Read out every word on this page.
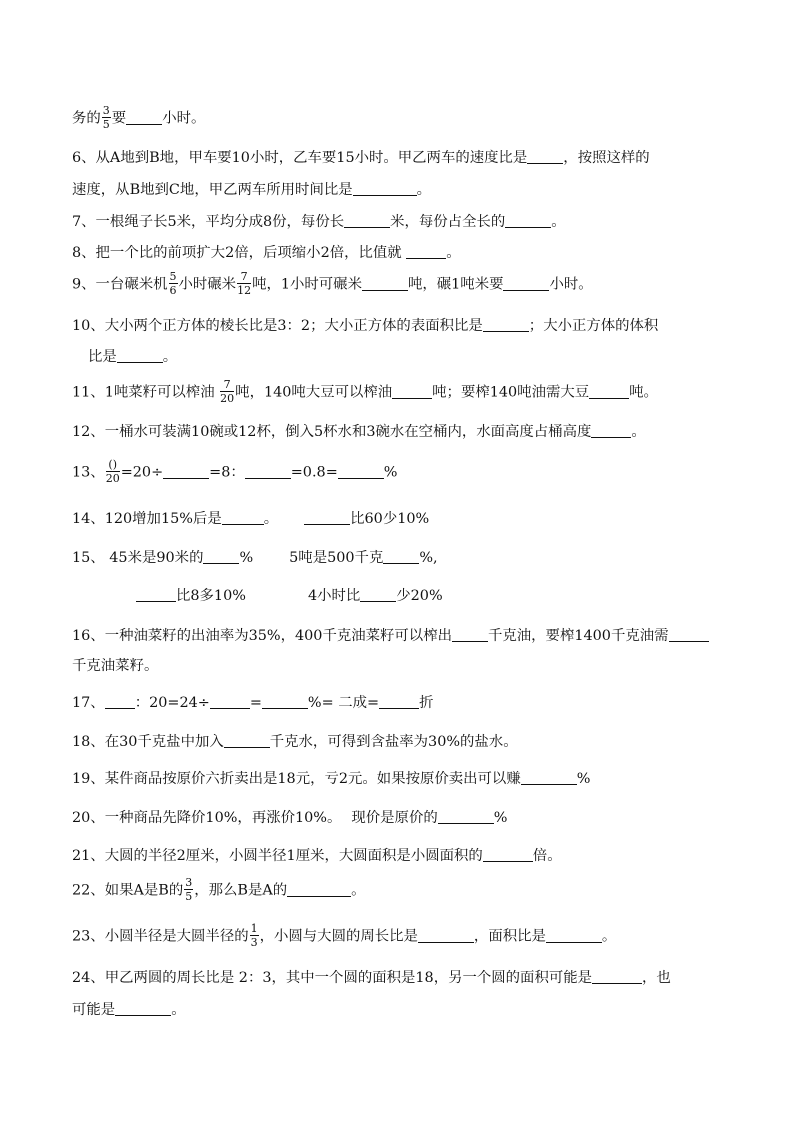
务的 $\frac{3}{5}$ 要	小时。
6、从A地到B地，甲车要10小时，乙车要15小时。甲乙两车的速度比是	，按照这样的
速度，从B地到C地，甲乙两车所用时间比是	。
7、一根绳子长5米，平均分成8份，每份长	米，每份占全长的	。
8、把一个比的前项扩大2倍，后项缩小2倍，比值就	。
9、一台碾米机 $\frac{5}{6}$ 小时碾米 $\frac{7}{12}$ 吨，1小时可碾米	吨，碾1吨米要	小时。
10、大小两个正方体的棱长比是3：2；大小正方体的表面积比是	；大小正方体的体积
比是	。
11、1吨菜籽可以榨油 $\frac{7}{20}$ 吨，140吨大豆可以榨油	吨；要榨140吨油需大豆	吨。
12、一桶水可装满10碗或12杯，倒入5杯水和3碗水在空桶内，水面高度占桶高度	。
13、 $\frac{()}{20} =20\div$	=8：	=0.8=	%
14、120增加15%后是	。	比60少10%
15、 45米是90米的	%	5吨是500千克	%,
比8多10%	4小时比	少20%
16、一种油菜籽的出油率为35%，400千克油菜籽可以榨出	千克油，要榨1400千克油需
千克油菜籽。
17、 ：20=24÷	=	%= 二成=	折
18、在30千克盐中加入	千克水，可得到含盐率为30%的盐水。
19、某件商品按原价六折卖出是18元，亏2元。如果按原价卖出可以赚	%
20、一种商品先降价10%，再涨价10%。 现价是原价的	%
21、大圆的半径2厘米，小圆半径1厘米，大圆面积是小圆面积的	倍。
22、如果A是B的 $\frac{3}{5}$ ，那么B是A的	。
23、小圆半径是大圆半径的 $\frac{1}{3}$ ，小圆与大圆的周长比是	，面积比是	。
24、甲乙两圆的周长比是 2：3，其中一个圆的面积是18，另一个圆的面积可能是	，也
可能是	。
